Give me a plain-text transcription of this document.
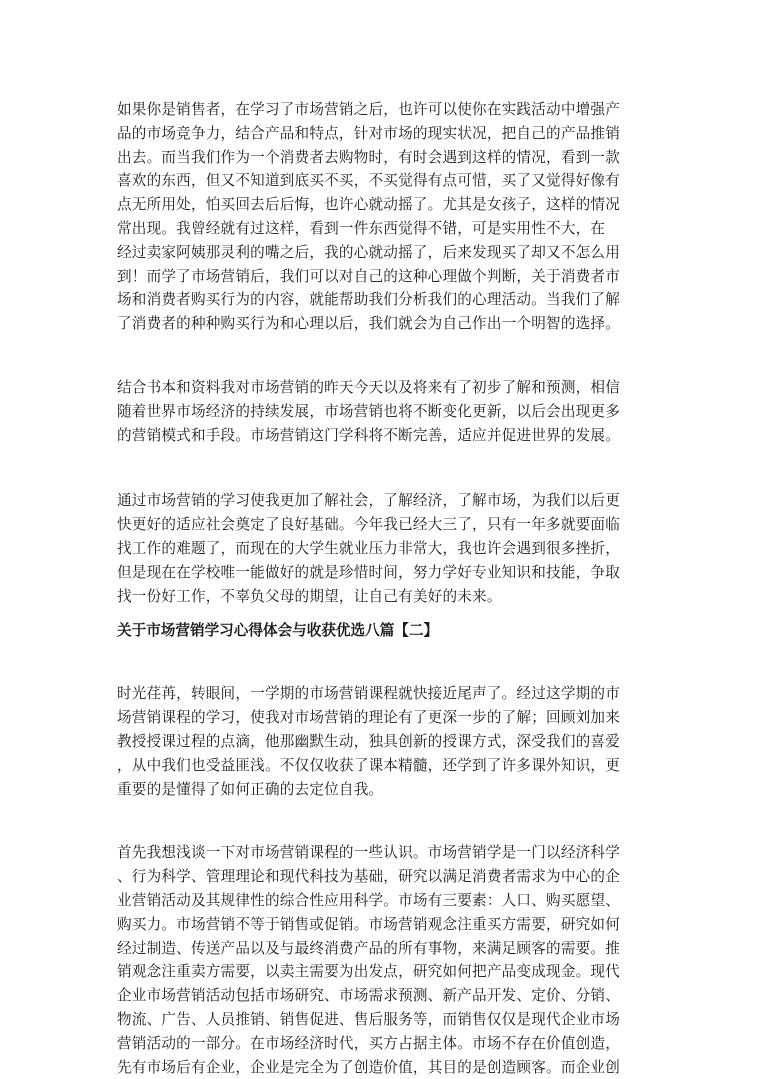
如果你是销售者，在学习了市场营销之后，也许可以使你在实践活动中增强产
品的市场竞争力，结合产品和特点，针对市场的现实状况，把自己的产品推销
出去。而当我们作为一个消费者去购物时，有时会遇到这样的情况，看到一款
喜欢的东西，但又不知道到底买不买，不买觉得有点可惜，买了又觉得好像有
点无所用处，怕买回去后后悔，也许心就动摇了。尤其是女孩子，这样的情况
常出现。我曾经就有过这样，看到一件东西觉得不错，可是实用性不大，在
经过卖家阿姨那灵利的嘴之后，我的心就动摇了，后来发现买了却又不怎么用
到！而学了市场营销后，我们可以对自己的这种心理做个判断，关于消费者市
场和消费者购买行为的内容，就能帮助我们分析我们的心理活动。当我们了解
了消费者的种种购买行为和心理以后，我们就会为自己作出一个明智的选择。

结合书本和资料我对市场营销的昨天今天以及将来有了初步了解和预测，相信
随着世界市场经济的持续发展，市场营销也将不断变化更新，以后会出现更多
的营销模式和手段。市场营销这门学科将不断完善，适应并促进世界的发展。

通过市场营销的学习使我更加了解社会，了解经济，了解市场，为我们以后更
快更好的适应社会奠定了良好基础。今年我已经大三了，只有一年多就要面临
找工作的难题了，而现在的大学生就业压力非常大，我也许会遇到很多挫折，
但是现在在学校唯一能做好的就是珍惜时间，努力学好专业知识和技能，争取
找一份好工作，不辜负父母的期望，让自己有美好的未来。

关于市场营销学习心得体会与收获优选八篇【二】

时光荏苒，转眼间，一学期的市场营销课程就快接近尾声了。经过这学期的市
场营销课程的学习，使我对市场营销的理论有了更深一步的了解；回顾刘加来
教授授课过程的点滴，他那幽默生动，独具创新的授课方式，深受我们的喜爱
，从中我们也受益匪浅。不仅仅收获了课本精髓，还学到了许多课外知识，更
重要的是懂得了如何正确的去定位自我。

首先我想浅谈一下对市场营销课程的一些认识。市场营销学是一门以经济科学
、行为科学、管理理论和现代科技为基础，研究以满足消费者需求为中心的企
业营销活动及其规律性的综合性应用科学。市场有三要素：人口、购买愿望、
购买力。市场营销不等于销售或促销。市场营销观念注重买方需要，研究如何
经过制造、传送产品以及与最终消费产品的所有事物，来满足顾客的需要。推
销观念注重卖方需要，以卖主需要为出发点，研究如何把产品变成现金。现代
企业市场营销活动包括市场研究、市场需求预测、新产品开发、定价、分销、
物流、广告、人员推销、销售促进、售后服务等，而销售仅仅是现代企业市场
营销活动的一部分。在市场经济时代，买方占据主体。市场不存在价值创造，
先有市场后有企业，企业是完全为了创造价值，其目的是创造顾客。而企业创
